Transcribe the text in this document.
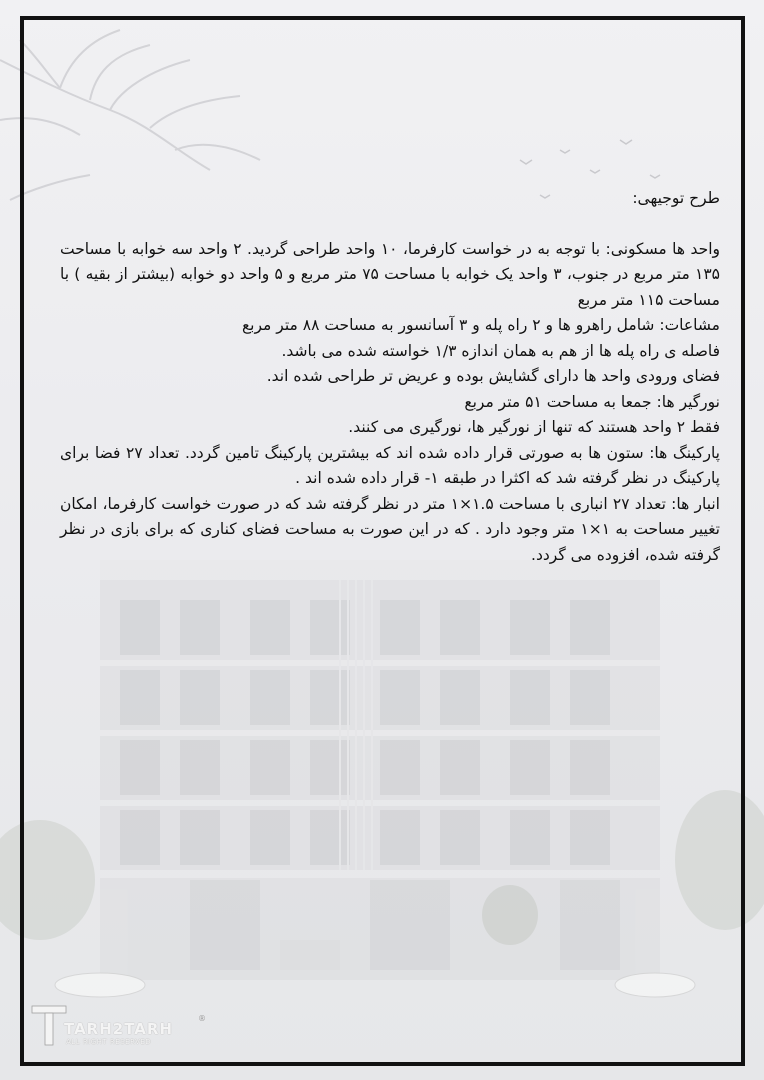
طرح توجیهی:

واحد ها مسکونی: با توجه به در خواست کارفرما، ۱۰ واحد طراحی گردید. ۲ واحد سه خوابه با مساحت ۱۳۵ متر مربع در جنوب، ۳ واحد یک خوابه با مساحت ۷۵ متر مربع و ۵ واحد دو خوابه (بیشتر از بقیه ) با مساحت ۱۱۵ متر مربع

مشاعات: شامل راهرو ها و ۲ راه پله و ۳ آسانسور به مساحت ۸۸ متر مربع

فاصله ی راه پله ها از هم به همان اندازه ۱/۳ خواسته شده می باشد.

فضای ورودی واحد ها دارای گشایش بوده و عریض تر طراحی شده اند.

نورگیر ها: جمعا به مساحت ۵۱ متر مربع

فقط ۲ واحد هستند که تنها از نورگیر ها، نورگیری می کنند.

پارکینگ ها: ستون ها به صورتی قرار داده شده اند که بیشترین پارکینگ تامین گردد. تعداد ۲۷ فضا برای پارکینگ در نظر گرفته شد که اکثرا در طبقه ۱- قرار داده شده اند .

انبار ها: تعداد ۲۷ انباری با مساحت ۱.۵×۱ متر در نظر گرفته شد که در صورت خواست کارفرما، امکان تغییر مساحت به ۱×۱ متر وجود دارد . که در این صورت به مساحت فضای کناری که برای بازی در نظر گرفته شده، افزوده می گردد.

TARH2TARH
ALL RIGHT RESERVED
®
